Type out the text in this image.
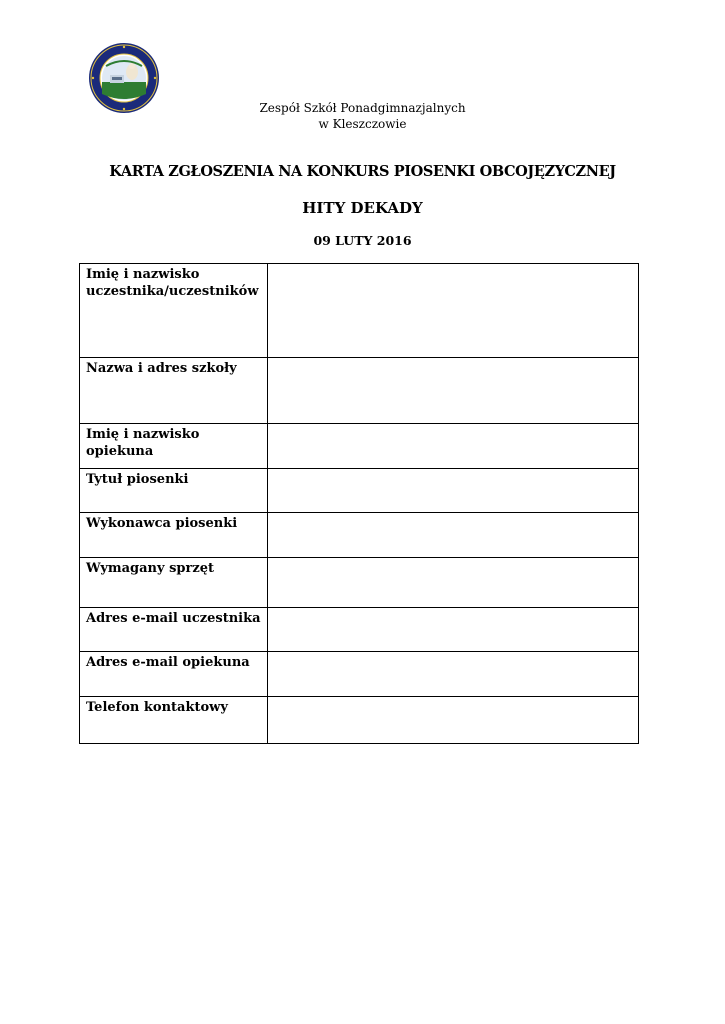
Zespół Szkół Ponadgimnazjalnych
w Kleszczowie
KARTA ZGŁOSZENIA NA KONKURS PIOSENKI OBCOJĘZYCZNEJ
HITY DEKADY
09 LUTY 2016
Imię i nazwisko uczestnika/uczestników	
Nazwa i adres szkoły	
Imię i nazwisko opiekuna	
Tytuł piosenki	
Wykonawca piosenki	
Wymagany sprzęt	
Adres e-mail uczestnika	
Adres e-mail opiekuna	
Telefon kontaktowy	
